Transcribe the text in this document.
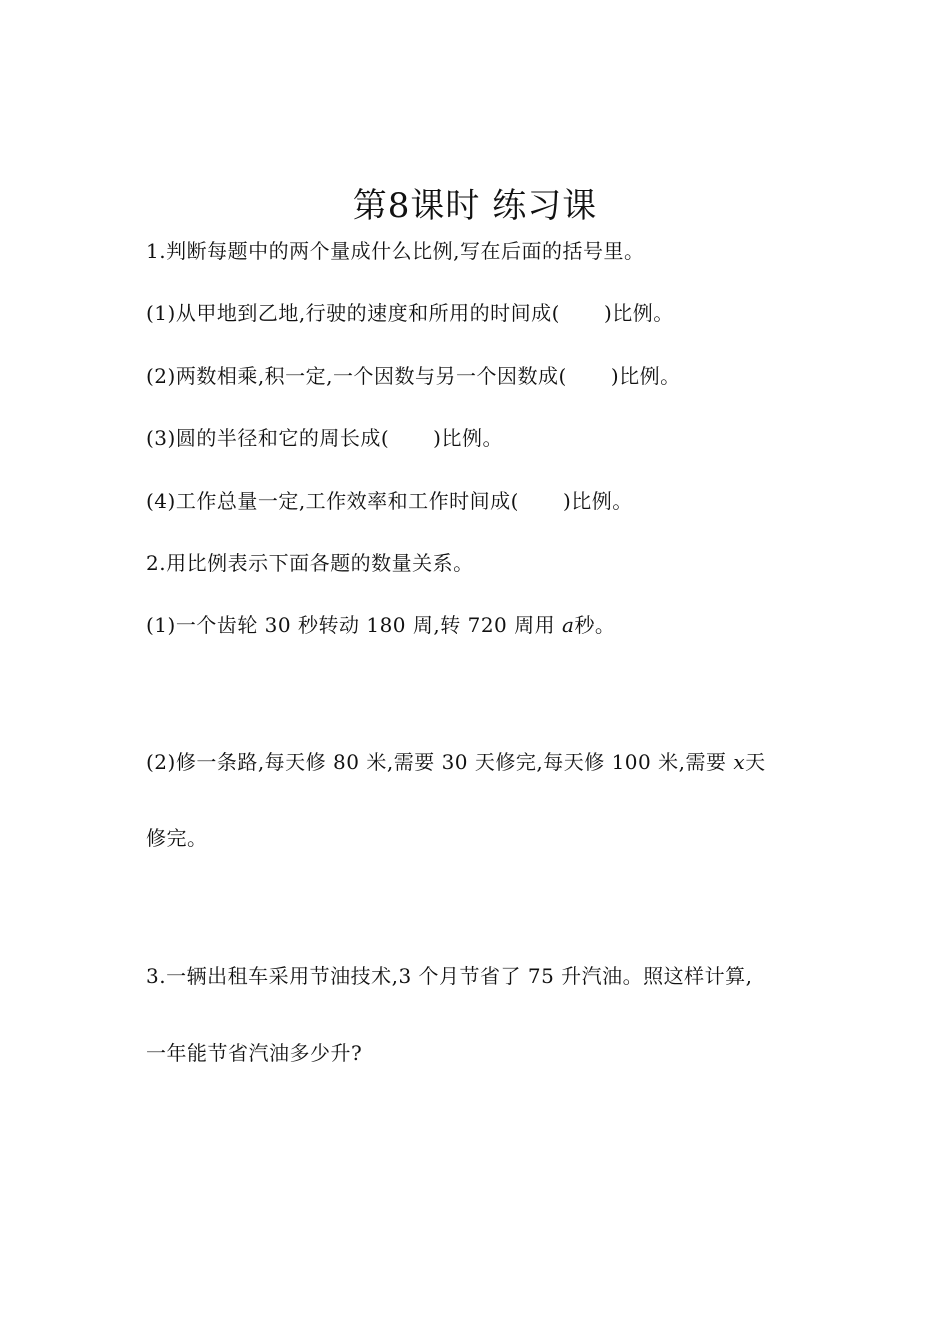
第8课时 练习课
1.判断每题中的两个量成什么比例,写在后面的括号里。
(1)从甲地到乙地,行驶的速度和所用的时间成( )比例。
(2)两数相乘,积一定,一个因数与另一个因数成( )比例。
(3)圆的半径和它的周长成( )比例。
(4)工作总量一定,工作效率和工作时间成( )比例。
2.用比例表示下面各题的数量关系。
(1)一个齿轮 30 秒转动 180 周,转 720 周用 a秒。
(2)修一条路,每天修 80 米,需要 30 天修完,每天修 100 米,需要 x天
修完。
3.一辆出租车采用节油技术,3 个月节省了 75 升汽油。照这样计算,
一年能节省汽油多少升?
